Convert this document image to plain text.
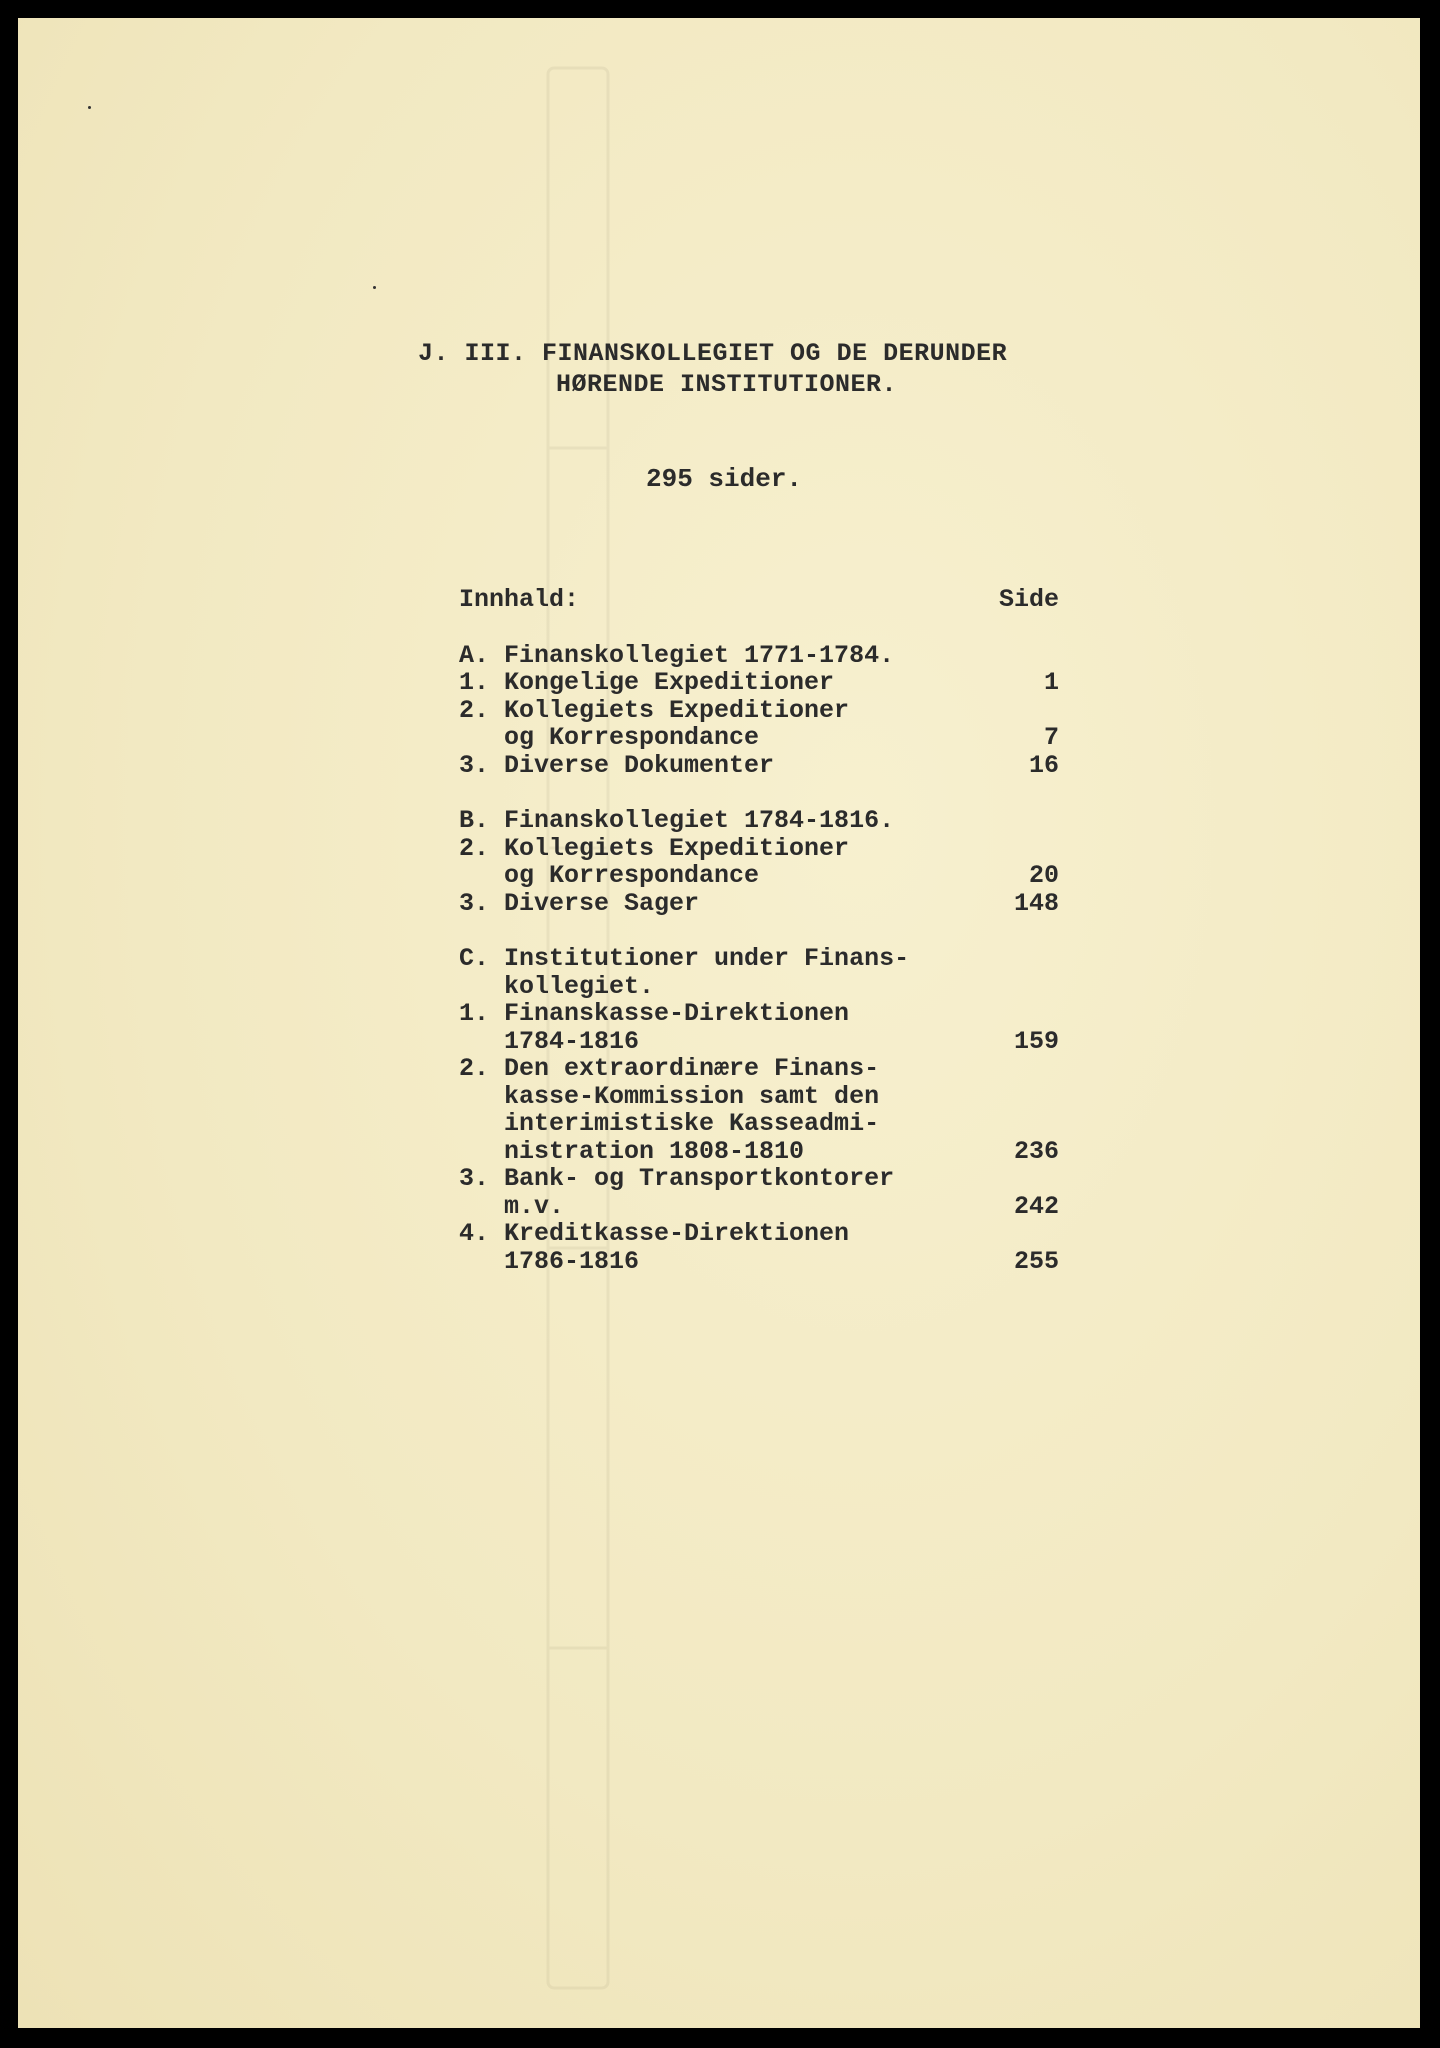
J. III. FINANSKOLLEGIET OG DE DERUNDER
HØRENDE INSTITUTIONER.
295 sider.
Innhald:	Side
A. Finanskollegiet 1771-1784.
1. Kongelige Expeditioner	1
2. Kollegiets Expeditioner
og Korrespondance	7
3. Diverse Dokumenter	16
B. Finanskollegiet 1784-1816.
2. Kollegiets Expeditioner
og Korrespondance	20
3. Diverse Sager	148
C. Institutioner under Finans-
kollegiet.
1. Finanskasse-Direktionen
1784-1816	159
2. Den extraordinære Finans-
kasse-Kommission samt den
interimistiske Kasseadmi-
nistration 1808-1810	236
3. Bank- og Transportkontorer
m.v.	242
4. Kreditkasse-Direktionen
1786-1816	255
